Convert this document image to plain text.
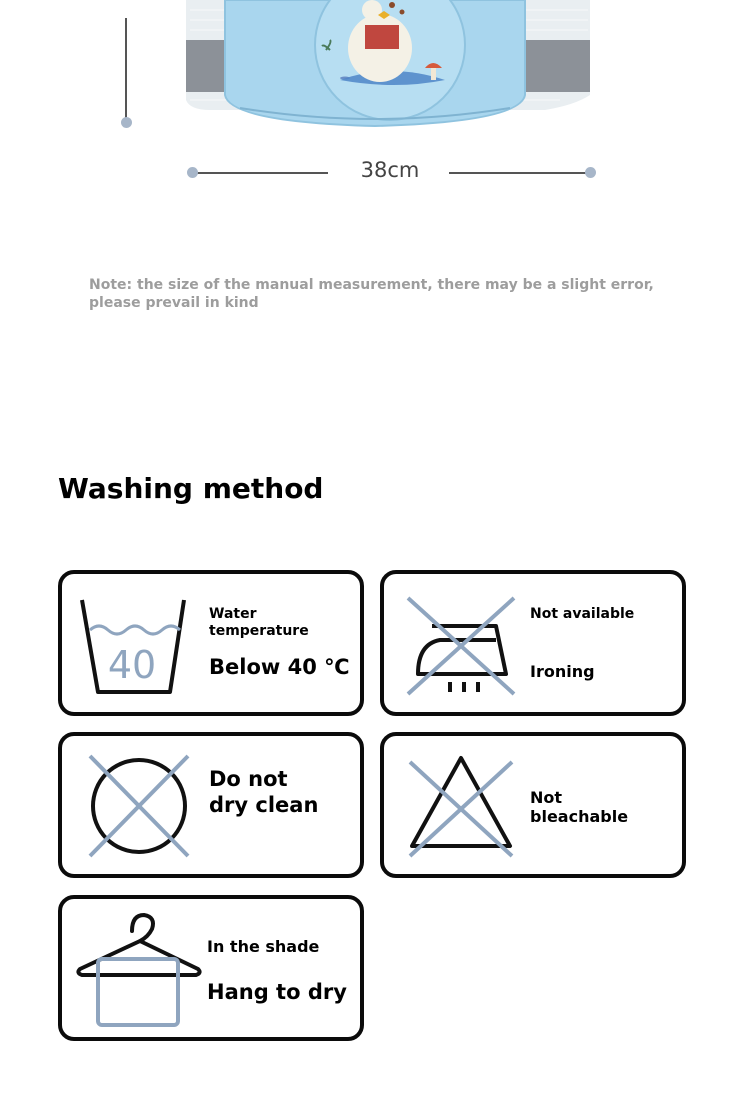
38cm
Note: the size of the manual measurement, there may be a slight error, please prevail in kind
Washing method
40
Water temperature
Below 40 ℃
Not available
Ironing
Do not dry clean	Not bleachable
In the shade
Hang to dry
